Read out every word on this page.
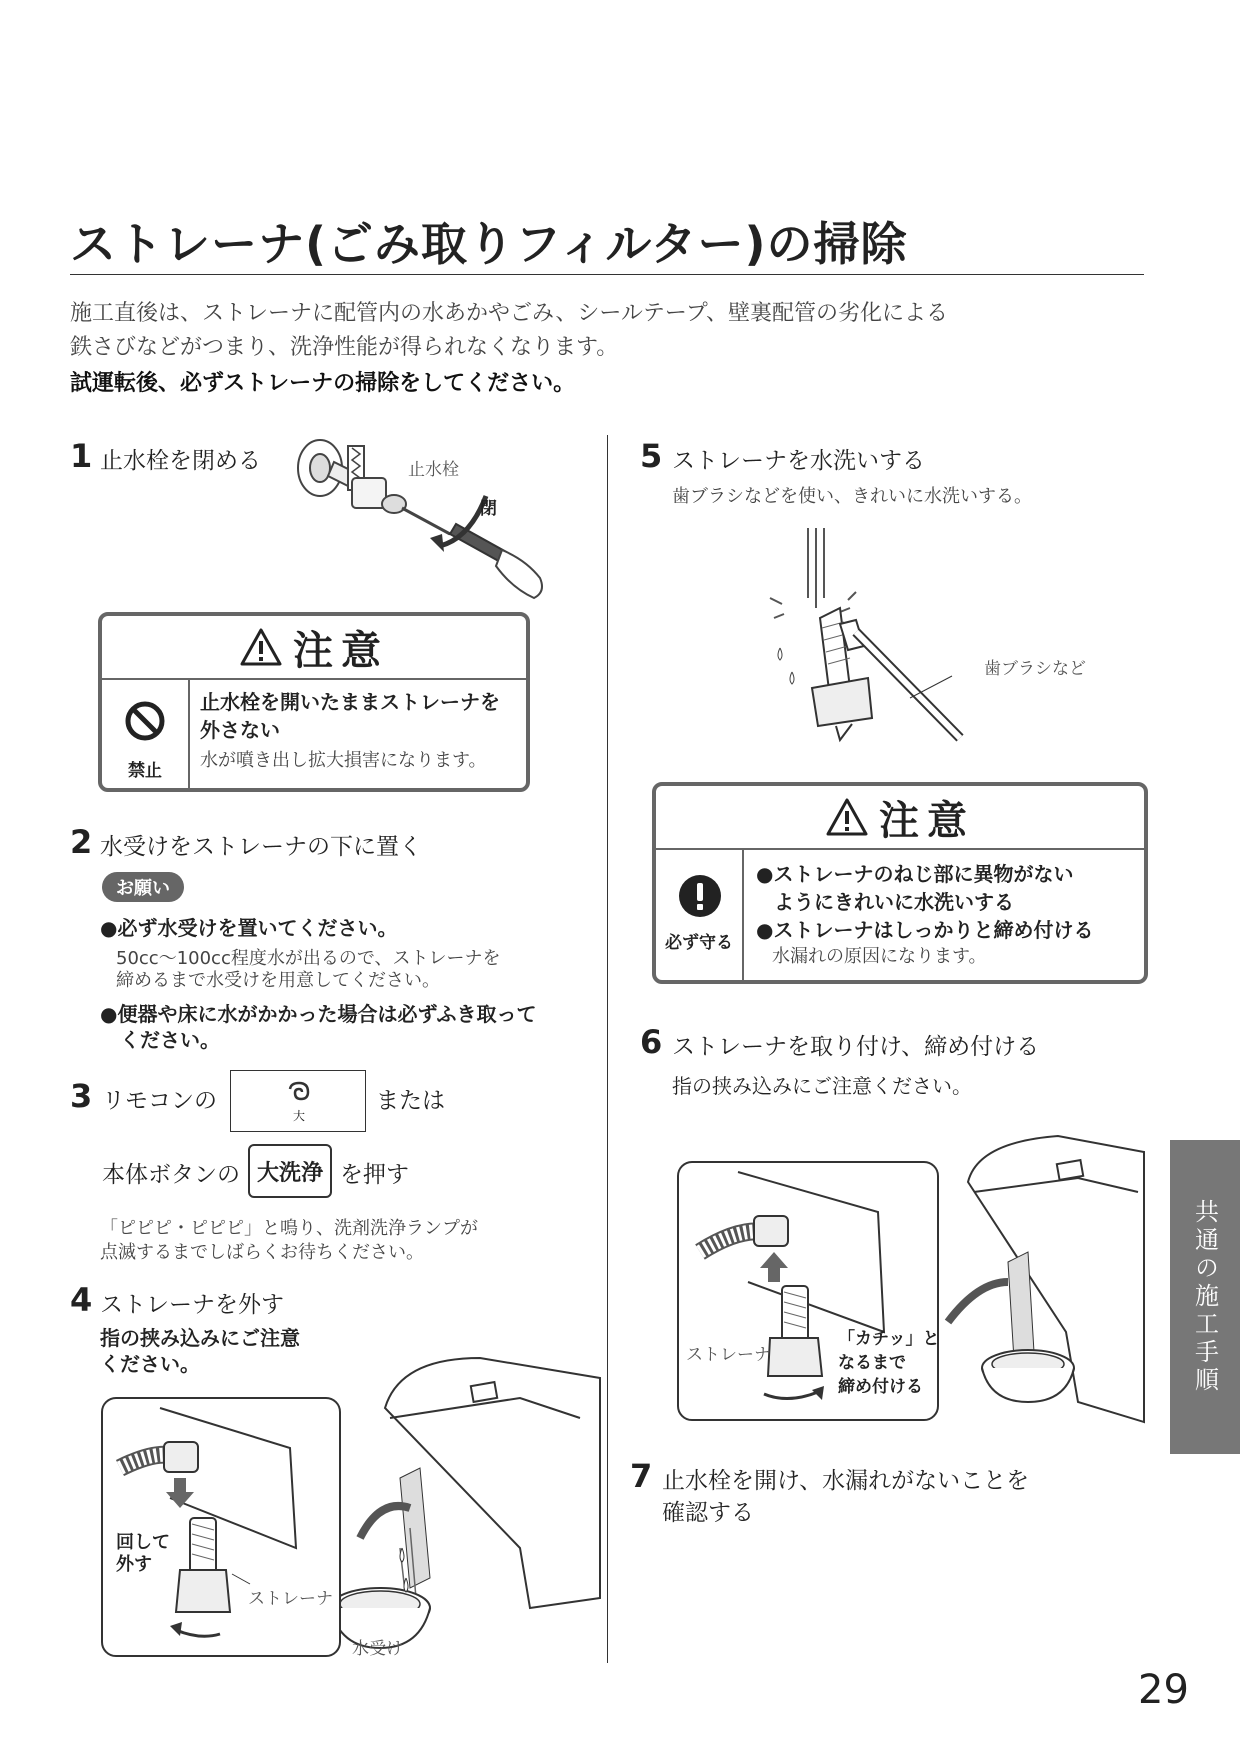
ストレーナ(ごみ取りフィルター)の掃除
施工直後は、ストレーナに配管内の水あかやごみ、シールテープ、壁裏配管の劣化による
鉄さびなどがつまり、洗浄性能が得られなくなります。
試運転後、必ずストレーナの掃除をしてください。
1 止水栓を閉める	止水栓
閉
注意
禁止
止水栓を開いたままストレーナを
外さない
水が噴き出し拡大損害になります。
2 水受けをストレーナの下に置く
お願い
●必ず水受けを置いてください。
50cc～100cc程度水が出るので、ストレーナを
締めるまで水受けを用意してください。
●便器や床に水がかかった場合は必ずふき取って
ください。
3 リモコンの
大
または
本体ボタンの 大洗浄 を押す
「ピピピ・ピピピ」と鳴り、洗剤洗浄ランプが
点滅するまでしばらくお待ちください。
4 ストレーナを外す
指の挟み込みにご注意
ください。
回して
外す
ストレーナ
水受け
5 ストレーナを水洗いする
歯ブラシなどを使い、きれいに水洗いする。
歯ブラシなど
注意
必ず守る
●ストレーナのねじ部に異物がない
ようにきれいに水洗いする
●ストレーナはしっかりと締め付ける
水漏れの原因になります。
6 ストレーナを取り付け、締め付ける
指の挟み込みにご注意ください。
ストレーナ
「カチッ」と
なるまで
締め付ける
7 止水栓を開け、水漏れがないことを
確認する
共通の施工手順
29
